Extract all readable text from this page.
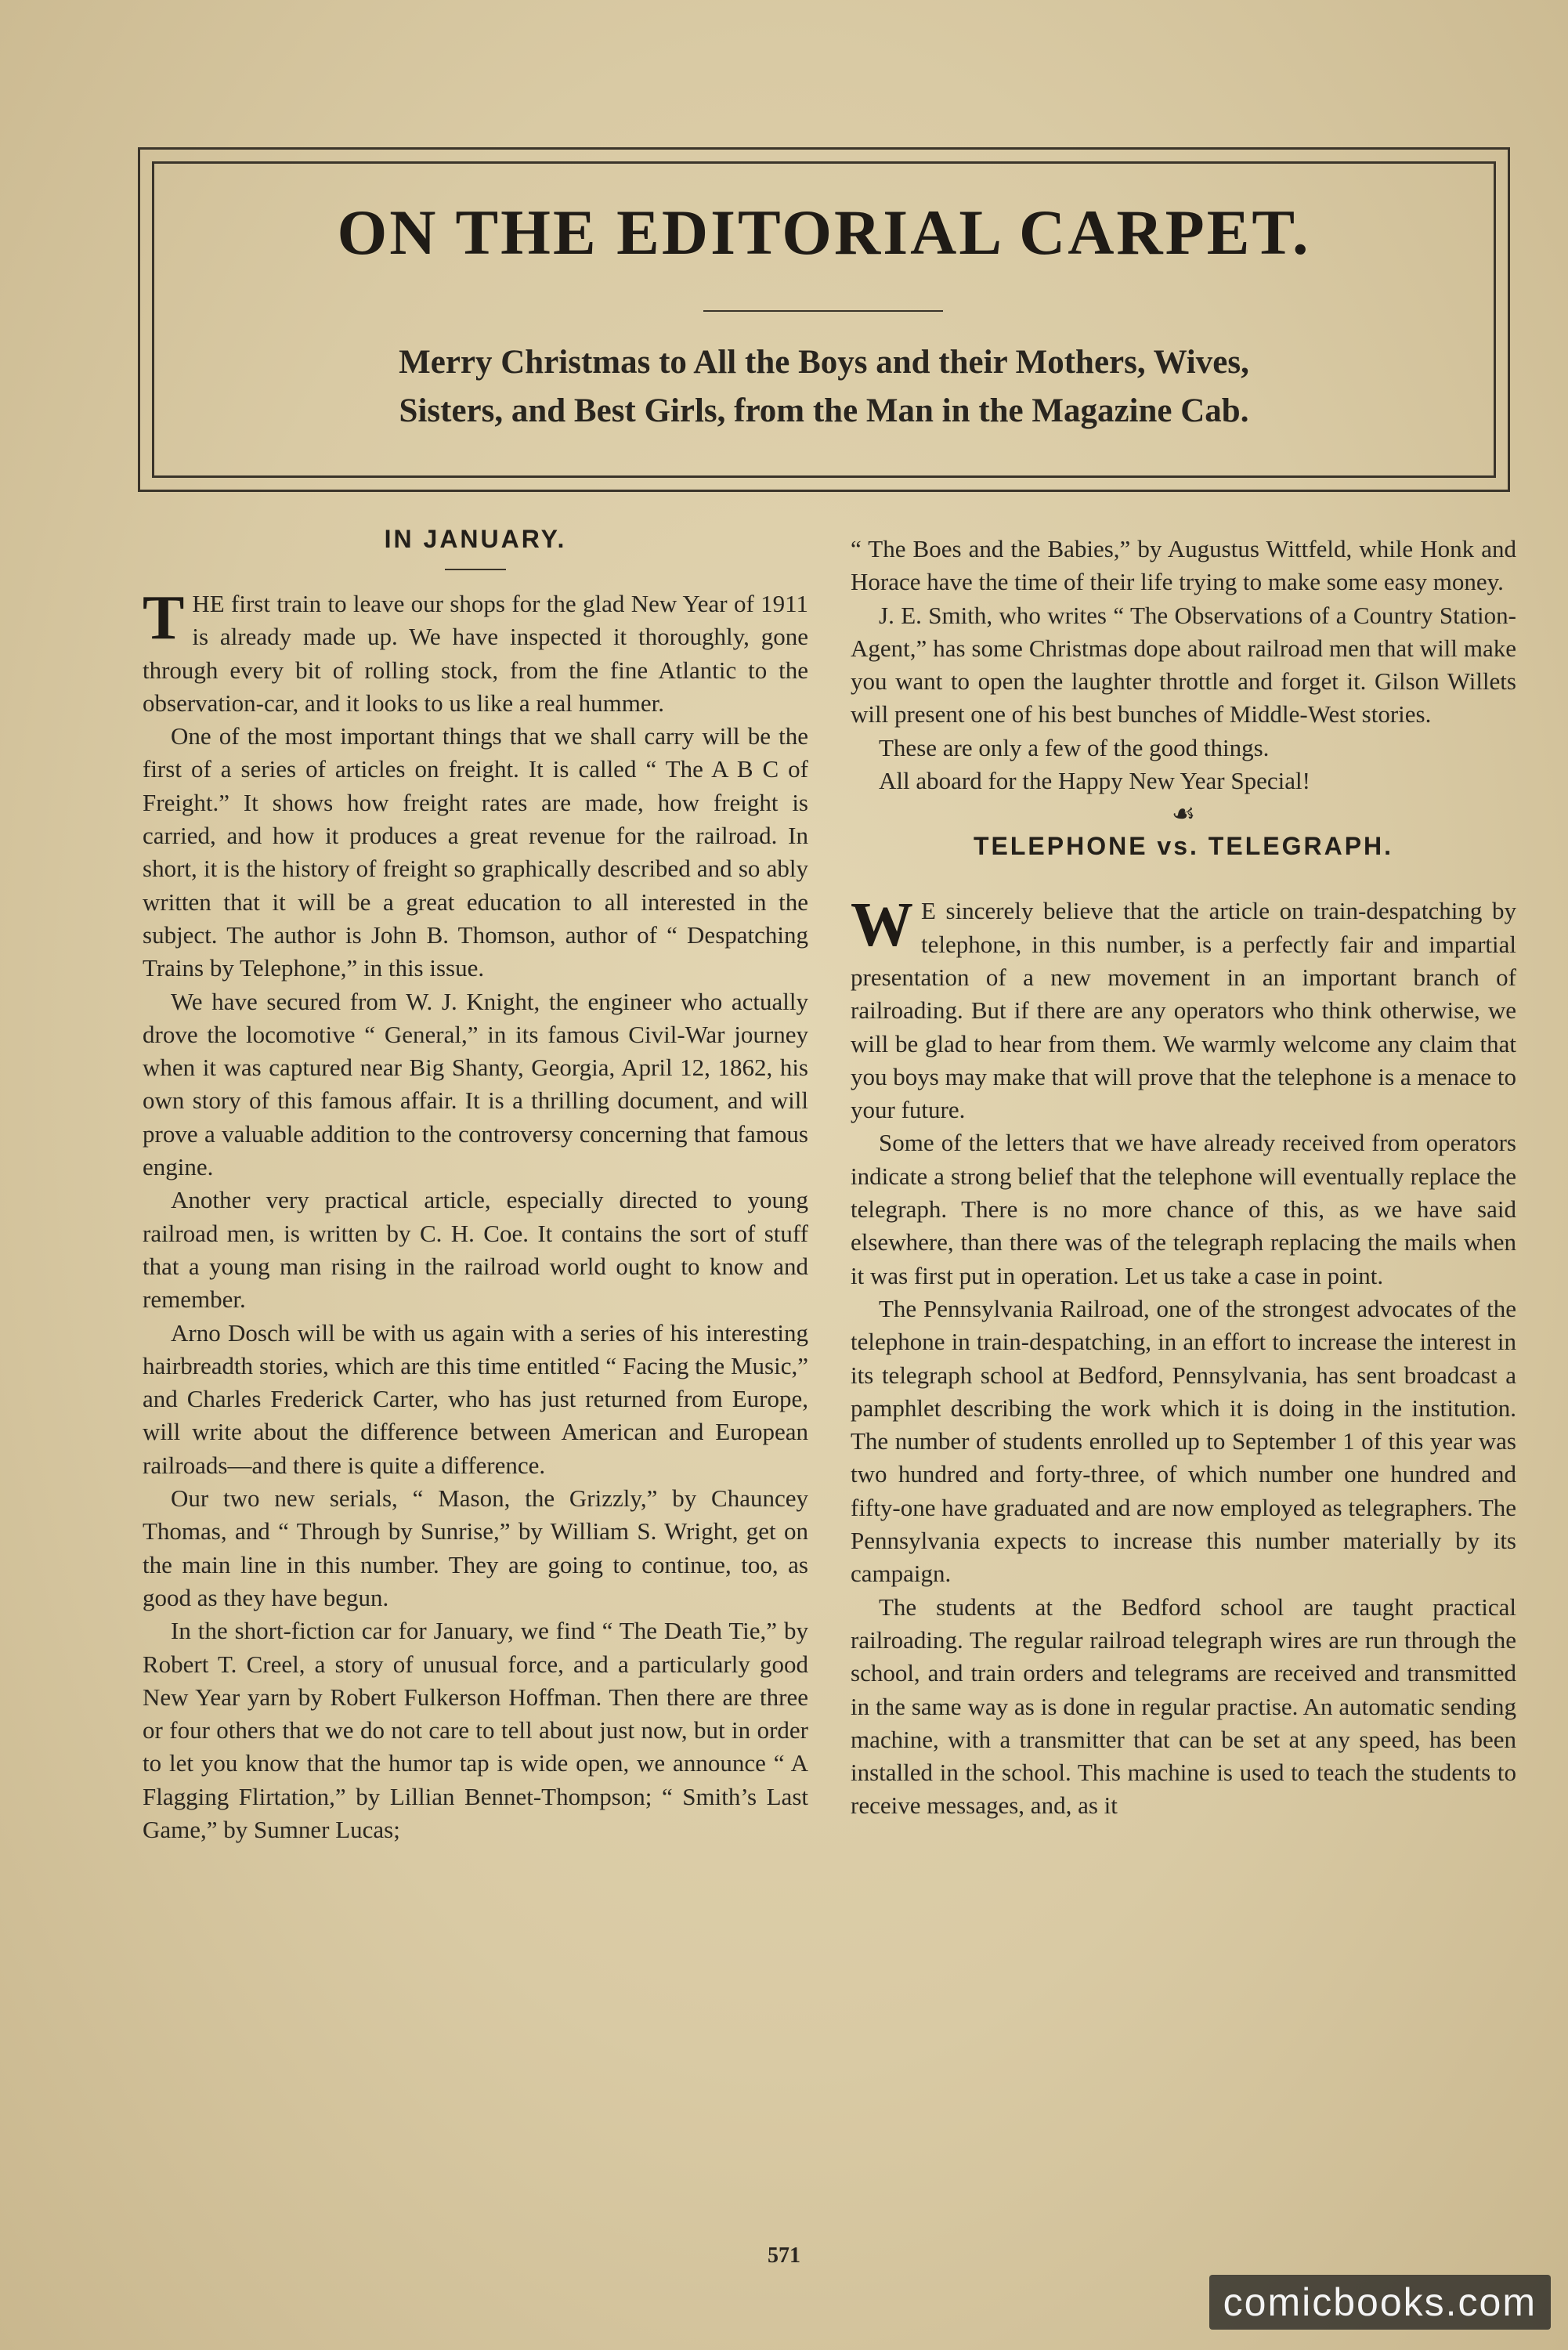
ON THE EDITORIAL CARPET.
Merry Christmas to All the Boys and their Mothers, Wives,
Sisters, and Best Girls, from the Man in the Magazine Cab.
IN JANUARY.

THE first train to leave our shops for the glad New Year of 1911 is already made up. We have inspected it thoroughly, gone through every bit of rolling stock, from the fine Atlantic to the observation-car, and it looks to us like a real hummer.

One of the most important things that we shall carry will be the first of a series of articles on freight. It is called “ The A B C of Freight.” It shows how freight rates are made, how freight is carried, and how it produces a great revenue for the railroad. In short, it is the history of freight so graphically described and so ably written that it will be a great education to all interested in the subject. The author is John B. Thomson, author of “ Despatching Trains by Telephone,” in this issue.

We have secured from W. J. Knight, the engineer who actually drove the locomotive “ General,” in its famous Civil-War journey when it was captured near Big Shanty, Georgia, April 12, 1862, his own story of this famous affair. It is a thrilling document, and will prove a valuable addition to the controversy concerning that famous engine.

Another very practical article, especially directed to young railroad men, is written by C. H. Coe. It contains the sort of stuff that a young man rising in the railroad world ought to know and remember.

Arno Dosch will be with us again with a series of his interesting hairbreadth stories, which are this time entitled “ Facing the Music,” and Charles Frederick Carter, who has just returned from Europe, will write about the difference between American and European railroads—and there is quite a difference.

Our two new serials, “ Mason, the Grizzly,” by Chauncey Thomas, and “ Through by Sunrise,” by William S. Wright, get on the main line in this number. They are going to continue, too, as good as they have begun.

In the short-fiction car for January, we find “ The Death Tie,” by Robert T. Creel, a story of unusual force, and a particularly good New Year yarn by Robert Fulkerson Hoffman. Then there are three or four others that we do not care to tell about just now, but in order to let you know that the humor tap is wide open, we announce “ A Flagging Flirtation,” by Lillian Bennet-Thompson; “ Smith’s Last Game,” by Sumner Lucas;

“ The Boes and the Babies,” by Augustus Wittfeld, while Honk and Horace have the time of their life trying to make some easy money.

J. E. Smith, who writes “ The Observations of a Country Station-Agent,” has some Christmas dope about railroad men that will make you want to open the laughter throttle and forget it. Gilson Willets will present one of his best bunches of Middle-West stories.

These are only a few of the good things.

All aboard for the Happy New Year Special!

☙

TELEPHONE vs. TELEGRAPH.

W E sincerely believe that the article on train-despatching by telephone, in this number, is a perfectly fair and impartial presentation of a new movement in an important branch of railroading. But if there are any operators who think otherwise, we will be glad to hear from them. We warmly welcome any claim that you boys may make that will prove that the telephone is a menace to your future.

Some of the letters that we have already received from operators indicate a strong belief that the telephone will eventually replace the telegraph. There is no more chance of this, as we have said elsewhere, than there was of the telegraph replacing the mails when it was first put in operation. Let us take a case in point.

The Pennsylvania Railroad, one of the strongest advocates of the telephone in train-despatching, in an effort to increase the interest in its telegraph school at Bedford, Pennsylvania, has sent broadcast a pamphlet describing the work which it is doing in the institution. The number of students enrolled up to September 1 of this year was two hundred and forty-three, of which number one hundred and fifty-one have graduated and are now employed as telegraphers. The Pennsylvania expects to increase this number materially by its campaign.

The students at the Bedford school are taught practical railroading. The regular railroad telegraph wires are run through the school, and train orders and telegrams are received and transmitted in the same way as is done in regular practise. An automatic sending machine, with a transmitter that can be set at any speed, has been installed in the school. This machine is used to teach the students to receive messages, and, as it

571
comicbooks.com
